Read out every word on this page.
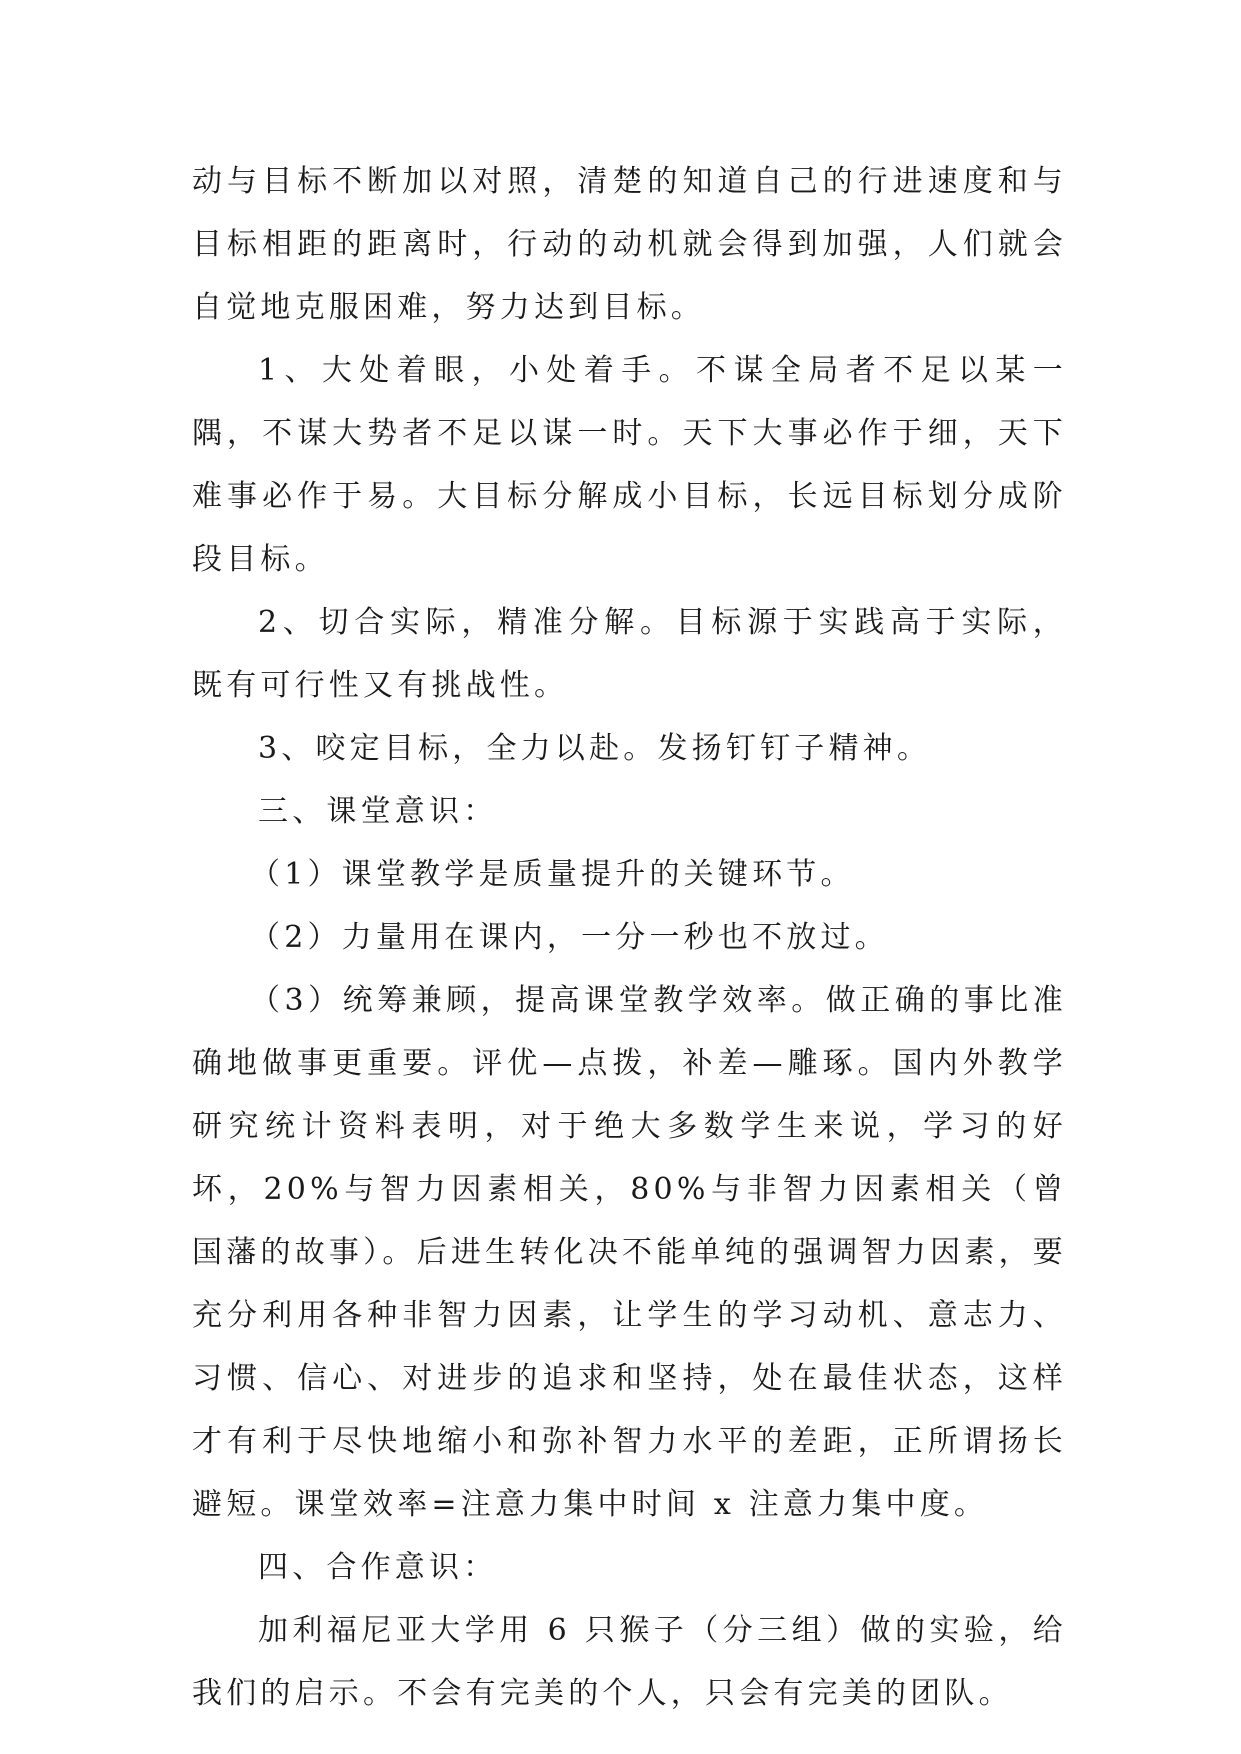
动与目标不断加以对照，清楚的知道自己的行进速度和与目标相距的距离时，行动的动机就会得到加强，人们就会自觉地克服困难，努力达到目标。

1、大处着眼，小处着手。不谋全局者不足以某一隅，不谋大势者不足以谋一时。天下大事必作于细，天下难事必作于易。大目标分解成小目标，长远目标划分成阶段目标。

2、切合实际，精准分解。目标源于实践高于实际，既有可行性又有挑战性。

3、咬定目标，全力以赴。发扬钉钉子精神。

三、课堂意识：

（1）课堂教学是质量提升的关键环节。

（2）力量用在课内，一分一秒也不放过。

（3）统筹兼顾，提高课堂教学效率。做正确的事比准确地做事更重要。评优—点拨，补差—雕琢。国内外教学研究统计资料表明，对于绝大多数学生来说，学习的好坏，20%与智力因素相关，80%与非智力因素相关（曾国藩的故事）。后进生转化决不能单纯的强调智力因素，要充分利用各种非智力因素，让学生的学习动机、意志力、习惯、信心、对进步的追求和坚持，处在最佳状态，这样才有利于尽快地缩小和弥补智力水平的差距，正所谓扬长避短。课堂效率=注意力集中时间 x 注意力集中度。

四、合作意识：

加利福尼亚大学用 6 只猴子（分三组）做的实验，给我们的启示。不会有完美的个人，只会有完美的团队。
